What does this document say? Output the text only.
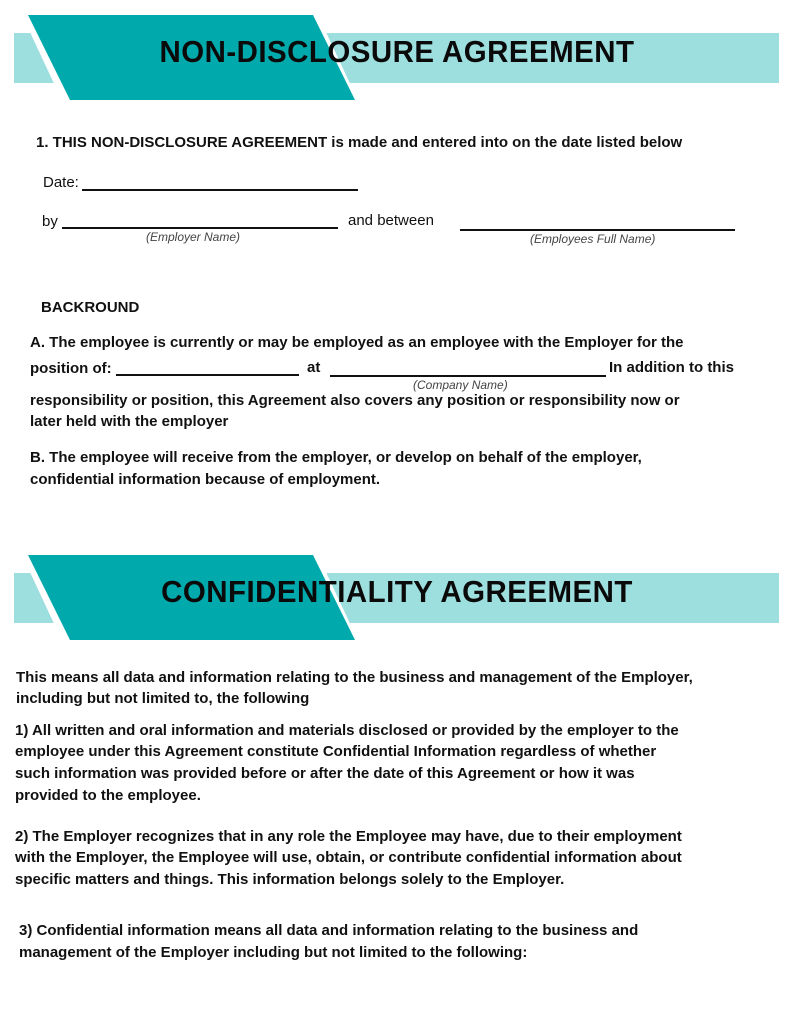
NON-DISCLOSURE AGREEMENT
1. THIS NON-DISCLOSURE AGREEMENT is made and entered into on the date listed below
Date:
by
(Employer Name)
and between
(Employees Full Name)
BACKROUND
A. The employee is currently or may be employed as an employee with the Employer for the
position of:	at	In addition to this
(Company Name)
responsibility or position, this Agreement also covers any position or responsibility now or
later held with the employer
B. The employee will receive from the employer, or develop on behalf of the employer,
confidential information because of employment.
CONFIDENTIALITY AGREEMENT
This means all data and information relating to the business and management of the Employer,
including but not limited to, the following
1) All written and oral information and materials disclosed or provided by the employer to the
employee under this Agreement constitute Confidential Information regardless of whether
such information was provided before or after the date of this Agreement or how it was
provided to the employee.
2) The Employer recognizes that in any role the Employee may have, due to their employment
with the Employer, the Employee will use, obtain, or contribute confidential information about
specific matters and things. This information belongs solely to the Employer.
3) Confidential information means all data and information relating to the business and
management of the Employer including but not limited to the following:
